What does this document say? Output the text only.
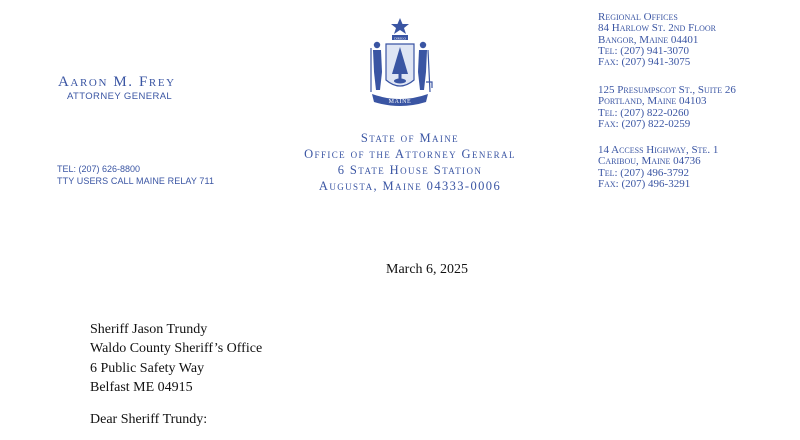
Aaron M. Frey
ATTORNEY GENERAL
TEL: (207) 626-8800
TTY USERS CALL MAINE RELAY 711
MAINE
DIRIGO
State of Maine
Office of the Attorney General
6 State House Station
Augusta, Maine 04333-0006
Regional Offices
84 Harlow St. 2nd Floor
Bangor, Maine 04401
Tel: (207) 941-3070
Fax: (207) 941-3075
125 Presumpscot St., Suite 26
Portland, Maine 04103
Tel: (207) 822-0260
Fax: (207) 822-0259
14 Access Highway, Ste. 1
Caribou, Maine 04736
Tel: (207) 496-3792
Fax: (207) 496-3291
March 6, 2025
Sheriff Jason Trundy
Waldo County Sheriff’s Office
6 Public Safety Way
Belfast ME 04915
Dear Sheriff Trundy:
